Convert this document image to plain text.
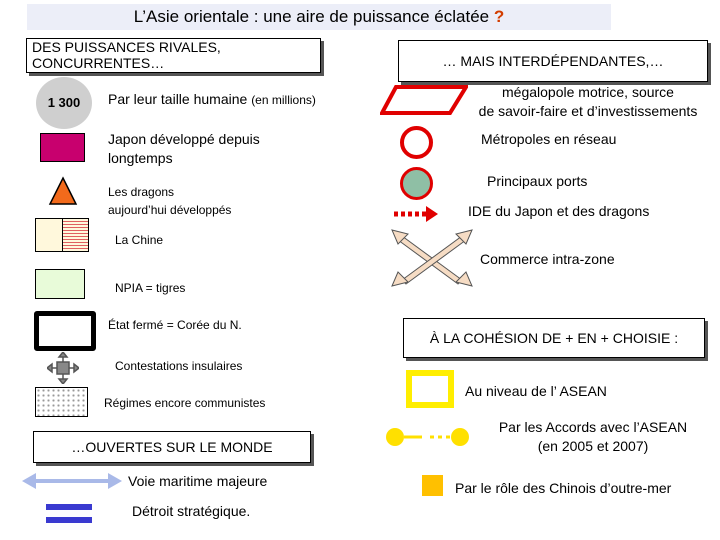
L’Asie orientale : une aire de puissance éclatée ?
DES PUISSANCES RIVALES,
CONCURRENTES…
1 300	Par leur taille humaine (en millions)
Japon développé depuis
longtemps
Les dragons
aujourd’hui développés
La Chine
NPIA = tigres
État fermé = Corée du N.
Contestations insulaires
Régimes encore communistes
…OUVERTES SUR LE MONDE
Voie maritime majeure
Détroit stratégique.
… MAIS INTERDÉPENDANTES,…
mégalopole motrice, source
de savoir-faire et d’investissements
Métropoles en réseau
Principaux ports
IDE du Japon et des dragons
Commerce intra-zone
À LA COHÉSION DE + EN + CHOISIE :
Au niveau de l’ ASEAN
Par les Accords avec l’ASEAN
(en 2005 et 2007)
Par le rôle des Chinois d’outre-mer
